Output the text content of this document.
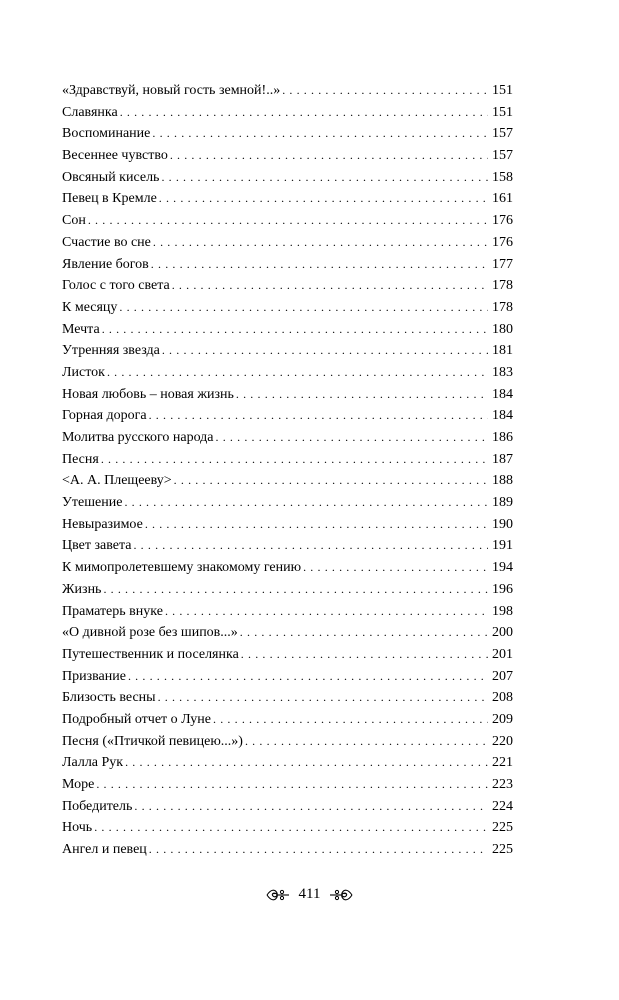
«Здравствуй, новый гость земной!..» . . .	151
Славянка . . .	151
Воспоминание . . .	157
Весеннее чувство . . .	157
Овсяный кисель . . .	158
Певец в Кремле . . .	161
Сон . . .	176
Счастие во сне . . .	176
Явление богов . . .	177
Голос с того света . . .	178
К месяцу . . .	178
Мечта . . .	180
Утренняя звезда . . .	181
Листок . . .	183
Новая любовь – новая жизнь . . .	184
Горная дорога . . .	184
Молитва русского народа . . .	186
Песня . . .	187
<А. А. Плещееву> . . .	188
Утешение . . .	189
Невыразимое . . .	190
Цвет завета . . .	191
К мимопролетевшему знакомому гению . . .	194
Жизнь . . .	196
Праматерь внуке . . .	198
«О дивной розе без шипов...» . . .	200
Путешественник и поселянка . . .	201
Призвание . . .	207
Близость весны . . .	208
Подробный отчет о Луне . . .	209
Песня («Птичкой певицею...») . . .	220
Лалла Рук . . .	221
Море . . .	223
Победитель . . .	224
Ночь . . .	225
Ангел и певец . . .	225
411
